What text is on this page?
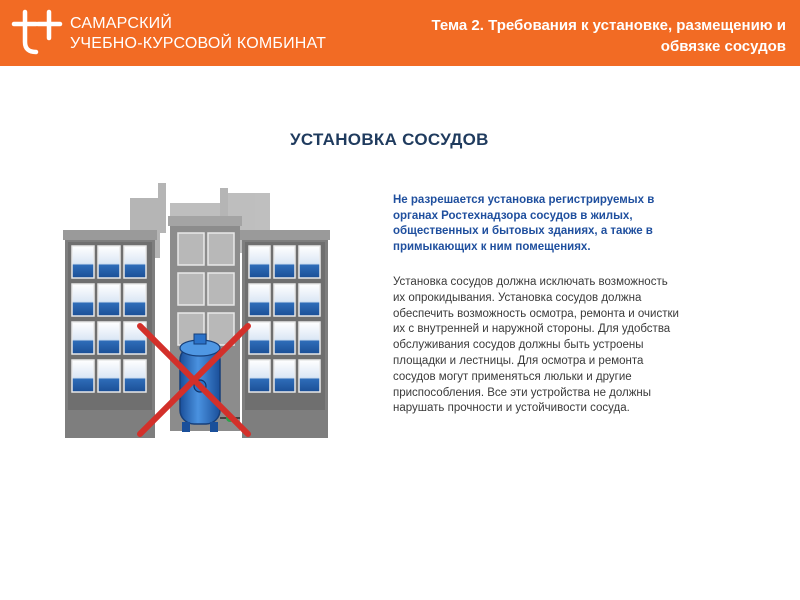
САМАРСКИЙ
УЧЕБНО-КУРСОВОЙ КОМБИНАТ
Тема 2. Требования к установке, размещению и
обвязке сосудов
УСТАНОВКА СОСУДОВ
Не разрешается установка регистрируемых в
органах Ростехнадзора сосудов в жилых,
общественных и бытовых зданиях, а также в
примыкающих к ним помещениях.
Установка сосудов должна исключать возможность
их опрокидывания. Установка сосудов должна
обеспечить возможность осмотра, ремонта и очистки
их с внутренней и наружной стороны. Для удобства
обслуживания сосудов должны быть устроены
площадки и лестницы. Для осмотра и ремонта
сосудов могут применяться люльки и другие
приспособления. Все эти устройства не должны
нарушать прочности и устойчивости сосуда.
